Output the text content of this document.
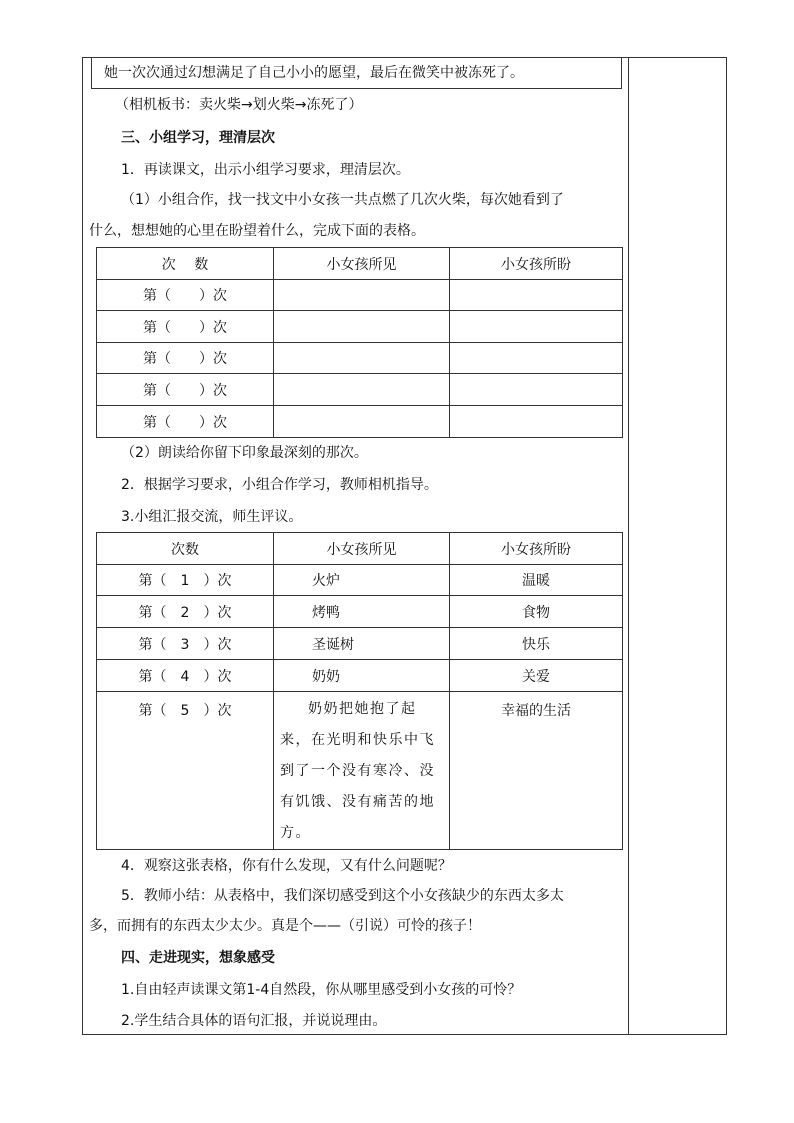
她一次次通过幻想满足了自己小小的愿望，最后在微笑中被冻死了。
（相机板书：卖火柴→划火柴→冻死了）
三、小组学习，理清层次
1．再读课文，出示小组学习要求，理清层次。
（1）小组合作，找一找文中小女孩一共点燃了几次火柴，每次她看到了
什么，想想她的心里在盼望着什么，完成下面的表格。
次　 数	小女孩所见	小女孩所盼
第（　　）次		
第（　　）次		
第（　　）次		
第（　　）次		
第（　　）次		
（2）朗读给你留下印象最深刻的那次。
2．根据学习要求，小组合作学习，教师相机指导。
3.小组汇报交流，师生评议。
次数	小女孩所见	小女孩所盼
第（　1　）次	火炉	温暖
第（　2　）次	烤鸭	食物
第（　3　）次	圣诞树	快乐
第（　4　）次	奶奶	关爱
第（　5　）次	奶奶把她抱了起来，在光明和快乐中飞到了一个没有寒冷、没有饥饿、没有痛苦的地方。	幸福的生活
4．观察这张表格，你有什么发现，又有什么问题呢？
5．教师小结：从表格中，我们深切感受到这个小女孩缺少的东西太多太
多，而拥有的东西太少太少。真是个——（引说）可怜的孩子！
四、走进现实，想象感受
1.自由轻声读课文第1-4自然段，你从哪里感受到小女孩的可怜？
2.学生结合具体的语句汇报，并说说理由。
